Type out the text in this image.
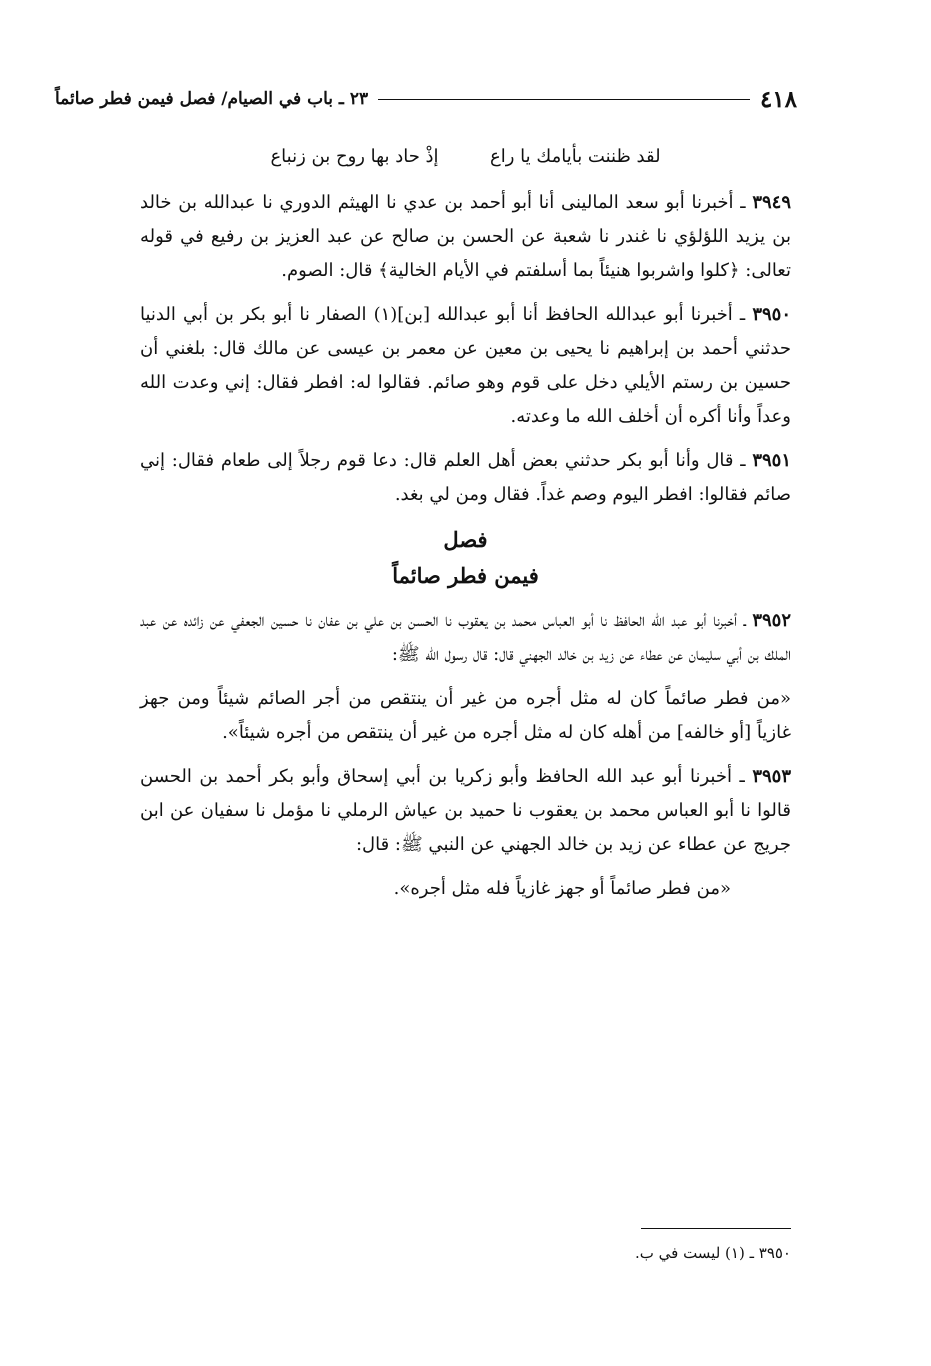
٤١٨
٢٣ ـ باب في الصيام/ فصل فيمن فطر صائماً
لقد ظننت بأيامك يا راع  إذْ حاد بها روح بن زنباع

٣٩٤٩ ـ أخبرنا أبو سعد المالينى أنا أبو أحمد بن عدي نا الهيثم الدوري نا عبدالله بن خالد بن يزيد اللؤلؤي نا غندر نا شعبة عن الحسن بن صالح عن عبد العزيز بن رفيع في قوله تعالى: ﴿كلوا واشربوا هنيئاً بما أسلفتم في الأيام الخالية﴾ قال: الصوم.

٣٩٥٠ ـ أخبرنا أبو عبدالله الحافظ أنا أبو عبدالله [بن](١) الصفار نا أبو بكر بن أبي الدنيا حدثني أحمد بن إبراهيم نا يحيى بن معين عن معمر بن عيسى عن مالك قال: بلغني أن حسين بن رستم الأيلي دخل على قوم وهو صائم. فقالوا له: افطر فقال: إني وعدت الله وعداً وأنا أكره أن أخلف الله ما وعدته.

٣٩٥١ ـ قال وأنا أبو بكر حدثني بعض أهل العلم قال: دعا قوم رجلاً إلى طعام فقال: إني صائم فقالوا: افطر اليوم وصم غداً. فقال ومن لي بغد.

فصل
فيمن فطر صائماً

٣٩٥٢ ـ أخبرنا أبو عبد الله الحافظ نا أبو العباس محمد بن يعقوب نا الحسن بن علي بن عفان نا حسين الجعفي عن زائده عن عبد الملك بن أبي سليمان عن عطاء عن زيد بن خالد الجهني قال: قال رسول الله ﷺ:

«من فطر صائماً كان له مثل أجره من غير أن ينتقص من أجر الصائم شيئاً ومن جهز غازياً [أو خالفه] من أهله كان له مثل أجره من غير أن ينتقص من أجره شيئاً».

٣٩٥٣ ـ أخبرنا أبو عبد الله الحافظ وأبو زكريا بن أبي إسحاق وأبو بكر أحمد بن الحسن قالوا نا أبو العباس محمد بن يعقوب نا حميد بن عياش الرملي نا مؤمل نا سفيان عن ابن جريج عن عطاء عن زيد بن خالد الجهني عن النبي ﷺ: قال:

«من فطر صائماً أو جهز غازياً فله مثل أجره».

٣٩٥٠ ـ (١) ليست في ب.
